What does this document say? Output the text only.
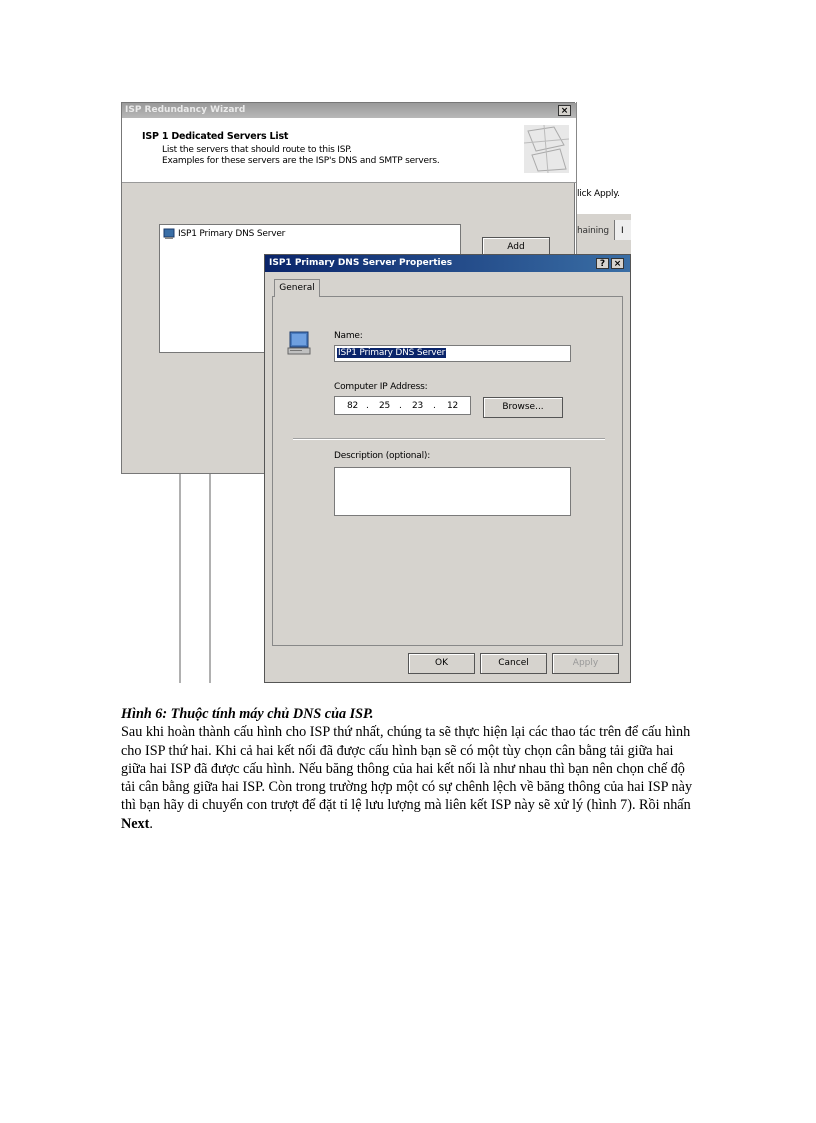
lick Apply.
haining I
ISP Redundancy Wizard	×
ISP 1 Dedicated Servers List
List the servers that should route to this ISP.
Examples for these servers are the ISP's DNS and SMTP servers.
ISP1 Primary DNS Server
Add
ISP1 Primary DNS Server Properties	? ×
General
Name:
ISP1 Primary DNS Server
Computer IP Address:
82 . 25 . 23 . 12	Browse...
Description (optional):
OK	Cancel	Apply
Hình 6: Thuộc tính máy chủ DNS của ISP.
Sau khi hoàn thành cấu hình cho ISP thứ nhất, chúng ta sẽ thực hiện lại các thao tác trên để cấu hình cho ISP thứ hai. Khi cả hai kết nối đã được cấu hình bạn sẽ có một tùy chọn cân bằng tải giữa hai giữa hai ISP đã được cấu hình. Nếu băng thông của hai kết nối là như nhau thì bạn nên chọn chế độ tải cân bằng giữa hai ISP. Còn trong trường hợp một có sự chênh lệch về băng thông của hai ISP này thì bạn hãy di chuyển con trượt để đặt tỉ lệ lưu lượng mà liên kết ISP này sẽ xử lý (hình 7). Rồi nhấn Next.
